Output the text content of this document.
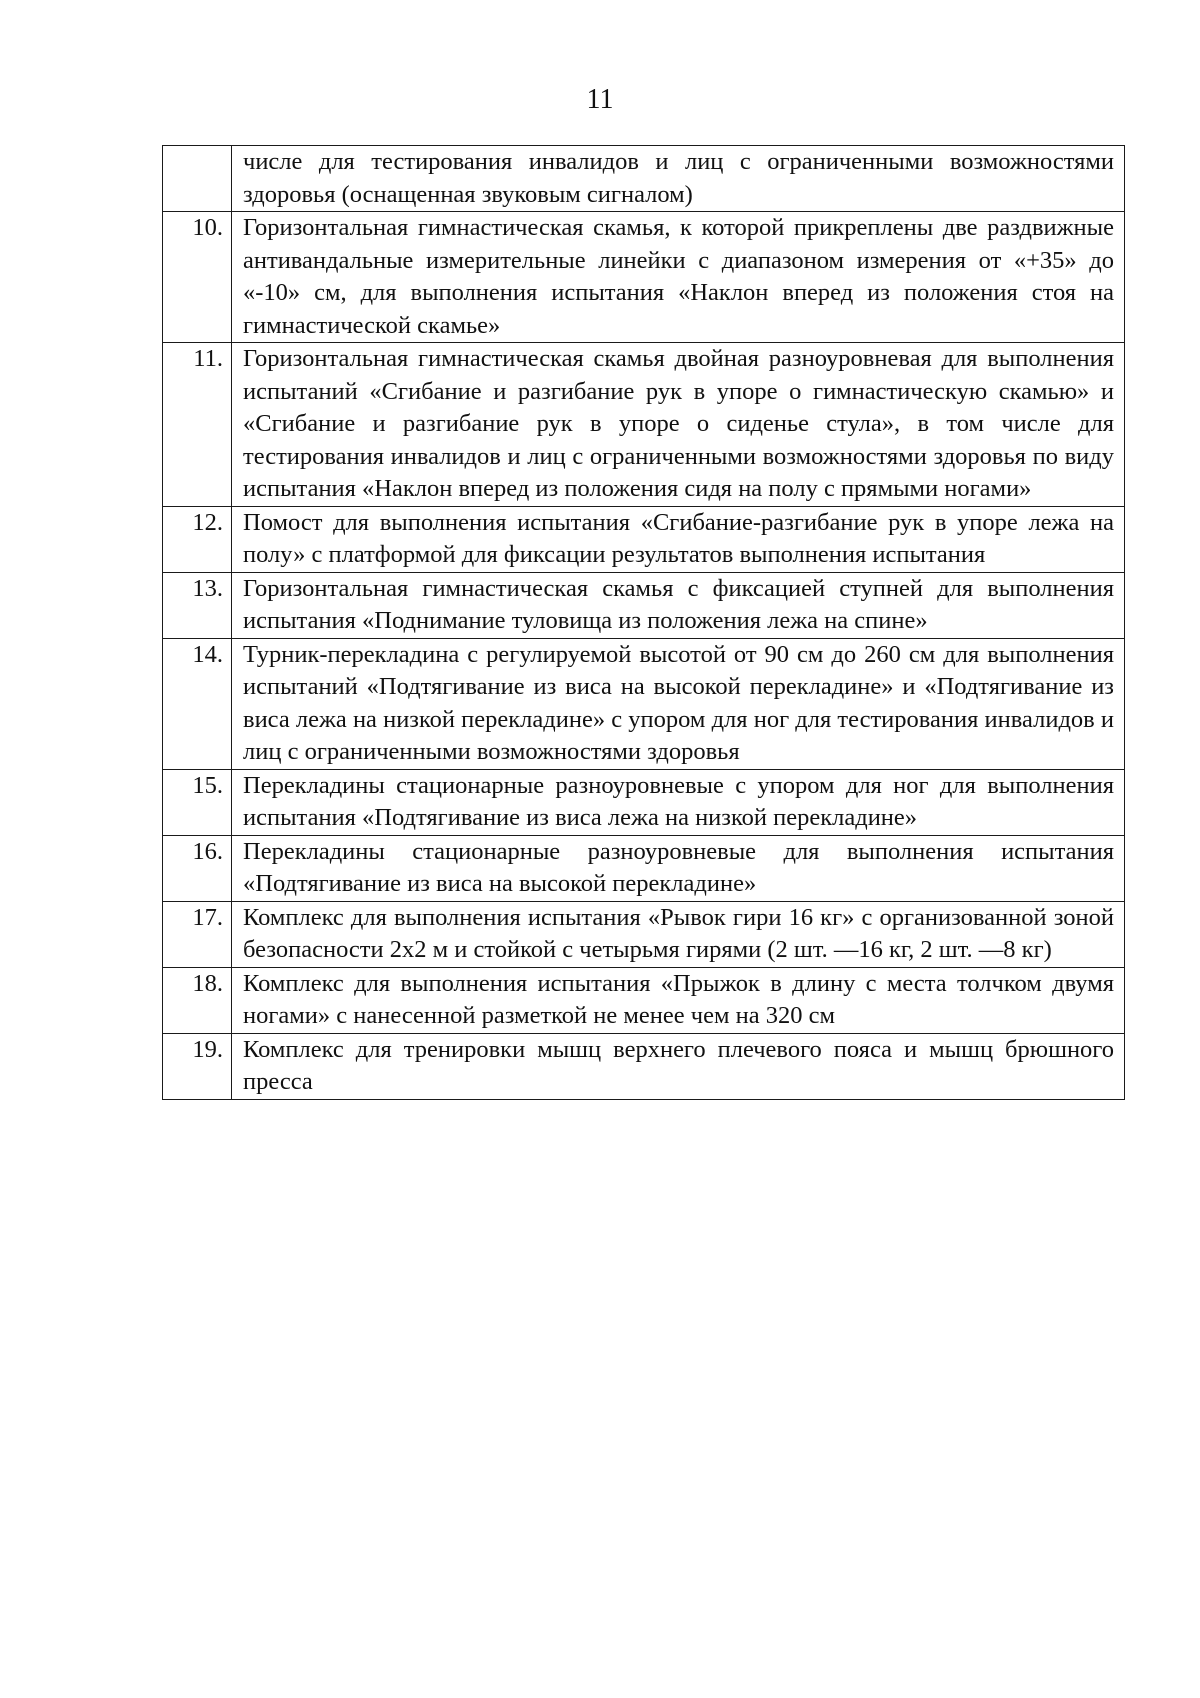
11
	числе для тестирования инвалидов и лиц с ограниченными возможностями здоровья (оснащенная звуковым сигналом)
10.	Горизонтальная гимнастическая скамья, к которой прикреплены две раздвижные антивандальные измерительные линейки с диапазоном измерения от «+35» до «-10» см, для выполнения испытания «Наклон вперед из положения стоя на гимнастической скамье»
11.	Горизонтальная гимнастическая скамья двойная разноуровневая для выполнения испытаний «Сгибание и разгибание рук в упоре о гимнастическую скамью» и «Сгибание и разгибание рук в упоре о сиденье стула», в том числе для тестирования инвалидов и лиц с ограниченными возможностями здоровья по виду испытания «Наклон вперед из положения сидя на полу с прямыми ногами»
12.	Помост для выполнения испытания «Сгибание-разгибание рук в упоре лежа на полу» с платформой для фиксации результатов выполнения испытания
13.	Горизонтальная гимнастическая скамья с фиксацией ступней для выполнения испытания «Поднимание туловища из положения лежа на спине»
14.	Турник-перекладина с регулируемой высотой от 90 см до 260 см для выполнения испытаний «Подтягивание из виса на высокой перекладине» и «Подтягивание из виса лежа на низкой перекладине» с упором для ног для тестирования инвалидов и лиц с ограниченными возможностями здоровья
15.	Перекладины стационарные разноуровневые с упором для ног для выполнения испытания «Подтягивание из виса лежа на низкой перекладине»
16.	Перекладины стационарные разноуровневые для выполнения испытания «Подтягивание из виса на высокой перекладине»
17.	Комплекс для выполнения испытания «Рывок гири 16 кг» с организованной зоной безопасности 2x2 м и стойкой с четырьмя гирями (2 шт. —16 кг, 2 шт. —8 кг)
18.	Комплекс для выполнения испытания «Прыжок в длину с места толчком двумя ногами» с нанесенной разметкой не менее чем на 320 см
19.	Комплекс для тренировки мышц верхнего плечевого пояса и мышц брюшного пресса
